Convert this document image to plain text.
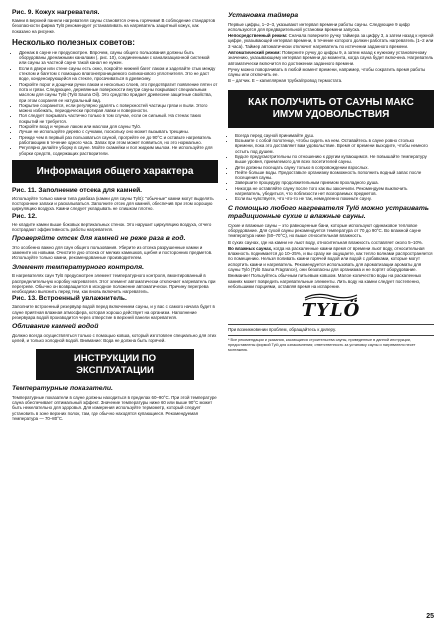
Рис. 9. Кожух нагревателя.
Камни в верхней панели нагревателя сауны становятся очень горячими! В соблюдение стандартов безопасности фирма Tylö рекомендует устанавливать на нагреватель защитный кожух, как показано на рисунке.
Несколько полезных советов:
• Дренаж в сауне не предусмотрен. Впрочем, сауны общего пользования должны быть оборудованы дренажными каналами (. рис. 10), соединенными с канализационной системой или сауны за частной сауне такой канал не нужен.
• Если в двери или стене сауны есть окно, покройте нижней багет лаком и заделайте стык между стеклом и багетом с помощью влагонепроницаемого силиконового уплотнителя. Это не даст воде, конденсирующейся на стекле, просачиваться в древесину.
• Покройте порог и дощечки ручки лаком и несколько слоев, это предотвратит появление пятен от пота и грязи. Следующее, деревянные поверхности внутри сауны покрывают специальным маслом для сауны Tylö (Tylö Sauna Oil). Это средство придает древесине защитные свойства, при этом сохраняя ее натуральный вид.
• Покрытие сохранится, если регулярно удалять с поверхностей частицы грязи и пыли. Этого можно избежать, периодически протирая лавки и поверхности.
• Пол следует покрывать частично только в том случае, если он сильный. На стенах таких покрытий не требуется.
• Покройте вход и черные лаком или маслом для сауны Tylö.
• Лучше не используйте дерево с сучками, поскольку оно может вызывать трещины.
• Прежде чем в первый раз пользоваться сауной, прогрейте ее до 90°C и оставьте нагреватель работающим в течение одного часа. Запах при этом может появиться, но это нормально.
• Регулярно делайте уборку в сауне. Мойте скамейки и пол жидким мылом. Не используйте для уборки средств, содержащих растворители.
Информация общего характера
Рис. 11. Заполнение отсека для камней.
Используйте только камни типа диабаза (камни для сауны Tylö): "обычные" камни могут выделять посторонние запахи и раскалываться. Заполните отсек для камней, обеспечив при этом хорошую циркуляцию воздуха. Камни следует укладывать не слишком плотно.
Рис. 12.
Не кладите камни выше боковых вертикальных стенок. Это нарушит циркуляцию воздуха, отчего пострадают эффективность работы нагревателя.
Проверяйте отсек для камней не реже раза в год.
Это особенно важно для саун общего пользования. Уберите из отсека разрушенные камни и замените их новыми. Очистите дно отсека от мелких камешков, щебня и посторонних предметов. Используйте только камни, рекомендованные производителем.
Элемент температурного контроля.
В нагревателях саун Tylö предусмотрен элемент температурного контроля, вмонтированный в распределительную коробку нагревателя. Этот элемент автоматически отключает нагреватель при перегреве. Обычно он возвращается в исходное положение автоматически. Причину перегрева необходимо выяснить перед тем, как вновь включить нагреватель.
Рис. 13. Встроенный увлажнитель.
Заполните встроенный резервуар водой перед включением сауны, и у вас с самого начала будет в сауне приятная влажная атмосфера, которая хорошо действует на организм. Наполнение резервуара водой производится через отверстие в верхней панели нагревателя.
Обливание камней водой
Должно всегда осуществляться только с помощью ковша, который изготовлен специально для этих целей, и только холодной водой. Внимание: Вода не должна быть горячей.
ИНСТРУКЦИИ ПО
ЭКСПЛУАТАЦИИ
Температурные показатели.
Температурные показатели в сауне должны находиться в пределах 60–90°C. При этой температуре сауна обеспечивает оптимальный эффект. Значение температуры ниже 60 или выше 90°C может быть нежелательно для здоровья. Для измерения используйте термометр, который следует установить в зоне верхних полок, там, где обычно находятся купающиеся. Рекомендуемая температура — 70–80°C.
Установка таймера
Первые цифры, 1–2–3, указывают интервал времени работы сауны. Следующие 9 цифр используются для предварительной установки времени запуска.
Непосредственный режим: Сначала поверните ручку таймера за цифру 3, а затем назад к нужной цифре, указывающей интервал времени, в течение которого должен работать нагреватель (1–2 или 3 часа). Таймер автоматически отключит нагреватель по истечении заданного времени.
Автоматический режим: Поверните ручку до цифры 9, а затем назад к нужному установочному значению, указывающему интервал времени до момента, когда сауна будет включена. Нагреватель автоматически включится по достижении заданного времени.
Ручку можно поворачивать в любой момент времени, например, чтобы сократить время работы сауны или отключить ее.
В – датчик. Е – капиллярная трубка/провод термостата.
КАК ПОЛУЧИТЬ ОТ САУНЫ МАКС
ИМУМ УДОВОЛЬСТВИЯ
• Всегда перед сауной принимайте душ.
• Возьмите с собой полотенце, чтобы сидеть на нем. Оставайтесь в сауне ровно столько времени, пока это доставляет вам удовольствие. Время от времени выходите, чтобы немного остыть под душем.
• Будьте предусмотрительны по отношению к другим купающимся. Не повышайте температуру выше уровня, приемлемого для всех посетителей сауны.
• Дети должны посещать сауну только в сопровождении взрослых.
• Пейте больше воды. Предоставьте организму возможность пополнить водный запас после посещения сауны.
• Завершите процедуру продолжительным приемом прохладного душа.
• Никогда не оставляйте сауну после того как вы закончили. Рекомендуем выключить нагреватель, убедиться, что поблизости нет возгораемых предметов.
• Если вы чувствуете, что что-то не так, немедленно покиньте сауну.
С помощью любого нагревателя Tylö можно устраивать
традиционные сухие и влажные сауны.
Сухие и влажные сауны – это равноценные бани, которые используют одинаковое тепловое оборудование. Для сухой сауны рекомендуется температура от 70 до 90°C. Во влажной сауне температура ниже (50–70°C), но выше относительная влажность.
В сухих саунах, где на камни не льют воду, относительная влажность составляет около 5–10%.
Во влажных саунах, когда на раскаленные камни время от времени льют воду, относительная влажность поднимается до 10–25%, и вы сразу же ощущаете, как тепло волнами распространяется по помещению. Нельзя поливать камни горячей водой или водой с добавками, которые могут испортить камни и нагреватель. Рекомендуется использовать для ароматизации ароматы для сауны Tylö (Tylö Sauna Fragrance), они безопасны для организма и не портят оборудование.
Внимание! Пользуйтесь обычным питьевым ковшом. Малое количество воды на раскаленных камнях может повредить нагревательные элементы. Лить воду на камни следует постепенно, небольшими порциями, оставляя время на испарение.
TYLÖ
При возникновении проблем, обращайтесь к дилеру.
* Все рекомендации и указания, касающиеся строительства сауны, приведенные в данной инструкции, предоставлены фирмой Tylö для ознакомления; ответственность за установку сауны и нагревателя несет монтажник.
25
